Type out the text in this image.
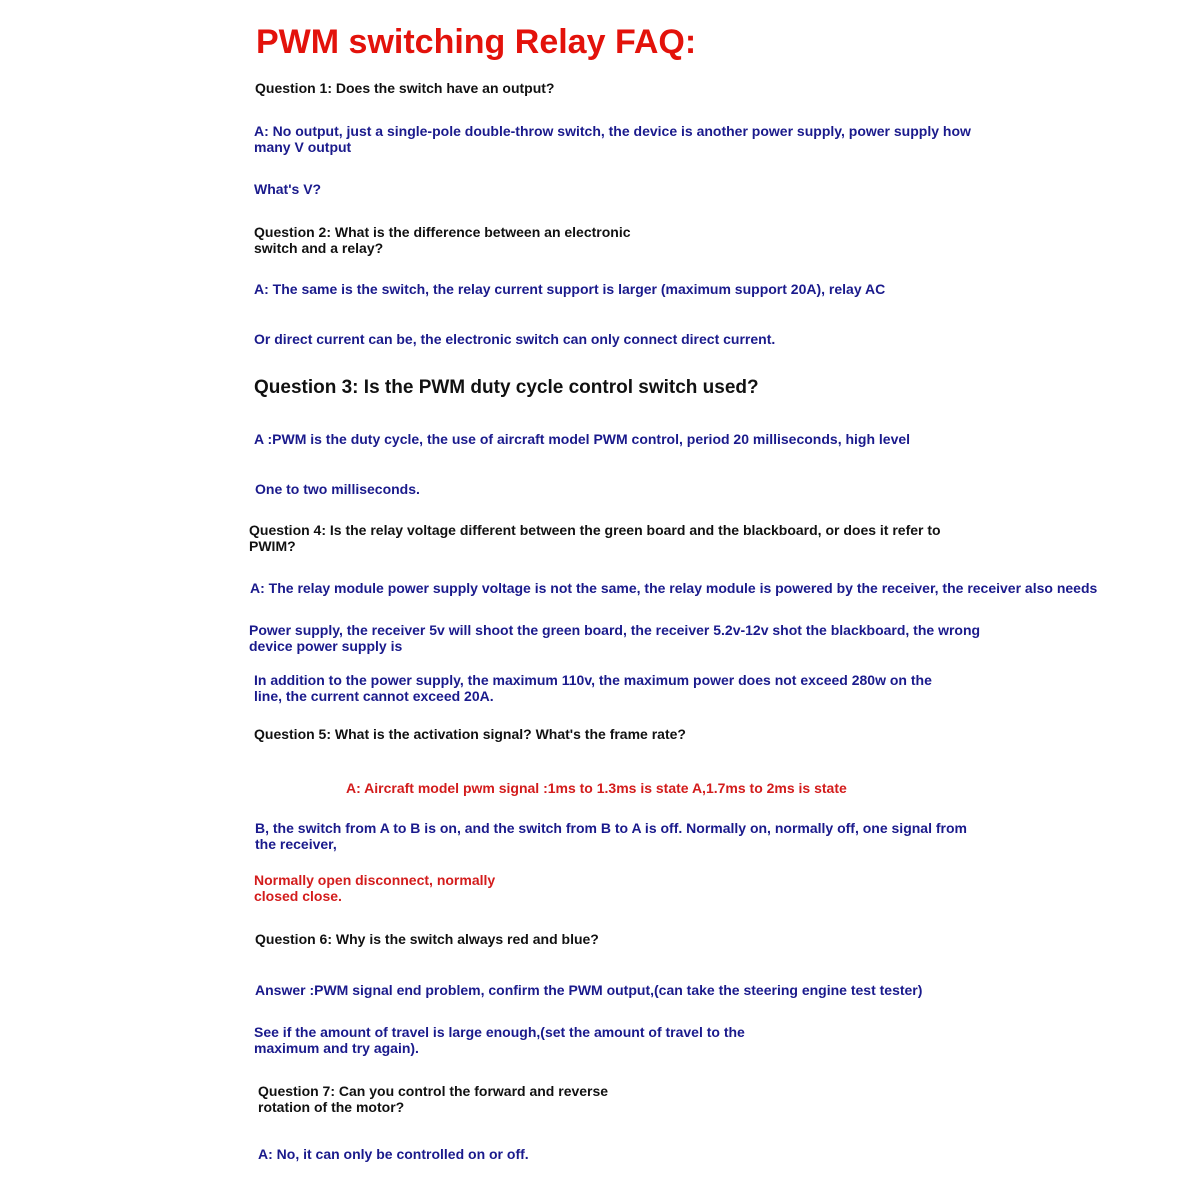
PWM switching Relay FAQ:

Question 1: Does the switch have an output?

A: No output, just a single-pole double-throw switch, the device is another power supply, power supply how

many V output

What's V?

Question 2: What is the difference between an electronic

switch and a relay?

A: The same is the switch, the relay current support is larger (maximum support 20A), relay AC

Or direct current can be, the electronic switch can only connect direct current.

Question 3: Is the PWM duty cycle control switch used?

A :PWM is the duty cycle, the use of aircraft model PWM control, period 20 milliseconds, high level

One to two milliseconds.

Question 4: Is the relay voltage different between the green board and the blackboard, or does it refer to

PWIM?

A: The relay module power supply voltage is not the same, the relay module is powered by the receiver, the receiver also needs

Power supply, the receiver 5v will shoot the green board, the receiver 5.2v-12v shot the blackboard, the wrong

device power supply is

In addition to the power supply, the maximum 110v, the maximum power does not exceed 280w on the

line, the current cannot exceed 20A.

Question 5: What is the activation signal? What's the frame rate?

A: Aircraft model pwm signal :1ms to 1.3ms is state A,1.7ms to 2ms is state

B, the switch from A to B is on, and the switch from B to A is off. Normally on, normally off, one signal from

the receiver,

Normally open disconnect, normally

closed close.

Question 6: Why is the switch always red and blue?

Answer :PWM signal end problem, confirm the PWM output,(can take the steering engine test tester)

See if the amount of travel is large enough,(set the amount of travel to the

maximum and try again).

Question 7: Can you control the forward and reverse

rotation of the motor?

A: No, it can only be controlled on or off.
